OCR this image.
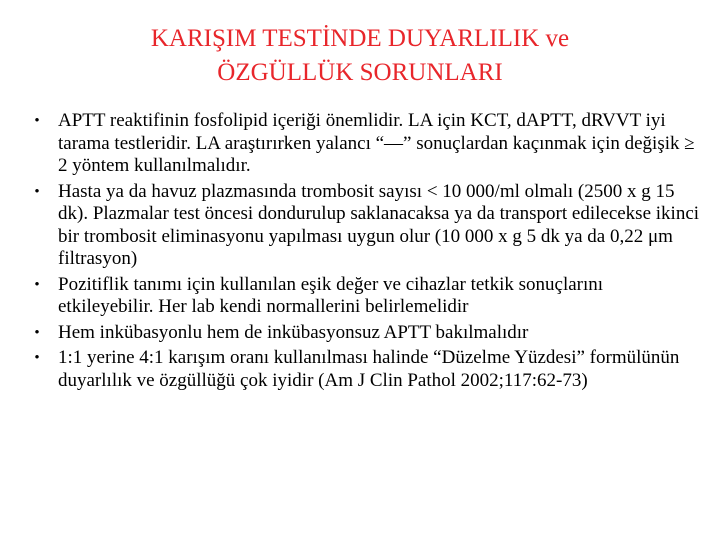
KARIŞIM TESTİNDE DUYARLILIK ve
ÖZGÜLLÜK SORUNLARI
• APTT reaktifinin fosfolipid içeriği önemlidir. LA için KCT, dAPTT, dRVVT iyi tarama testleridir. LA araştırırken yalancı “—” sonuçlardan kaçınmak için değişik ≥ 2 yöntem kullanılmalıdır.
• Hasta ya da havuz plazmasında trombosit sayısı < 10 000/ml olmalı (2500 x g 15 dk). Plazmalar test öncesi dondurulup saklanacaksa ya da transport edilecekse ikinci bir trombosit eliminasyonu yapılması uygun olur (10 000 x g 5 dk ya da 0,22 μm filtrasyon)
• Pozitiflik tanımı için kullanılan eşik değer ve cihazlar tetkik sonuçlarını etkileyebilir. Her lab kendi normallerini belirlemelidir
• Hem inkübasyonlu hem de inkübasyonsuz APTT bakılmalıdır
• 1:1 yerine 4:1 karışım oranı kullanılması halinde “Düzelme Yüzdesi” formülünün duyarlılık ve özgüllüğü çok iyidir (Am J Clin Pathol 2002;117:62-73)
